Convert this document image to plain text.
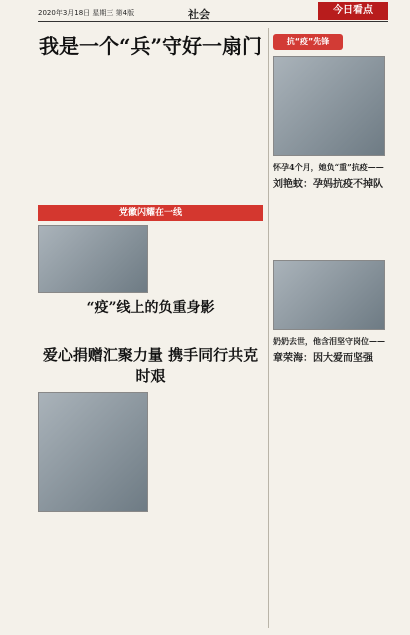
2020年3月18日 星期三 第4版	社会	今日看点
我是一个“兵”守好一扇门
党徽闪耀在一线
“疫”线上的负重身影
爱心捐赠汇聚力量 携手同行共克时艰
抗“疫”先锋
怀孕4个月，她负“重”抗疫——
刘艳蚊：孕妈抗疫不掉队
奶奶去世，他含泪坚守岗位——
章荣海：因大爱而坚强
